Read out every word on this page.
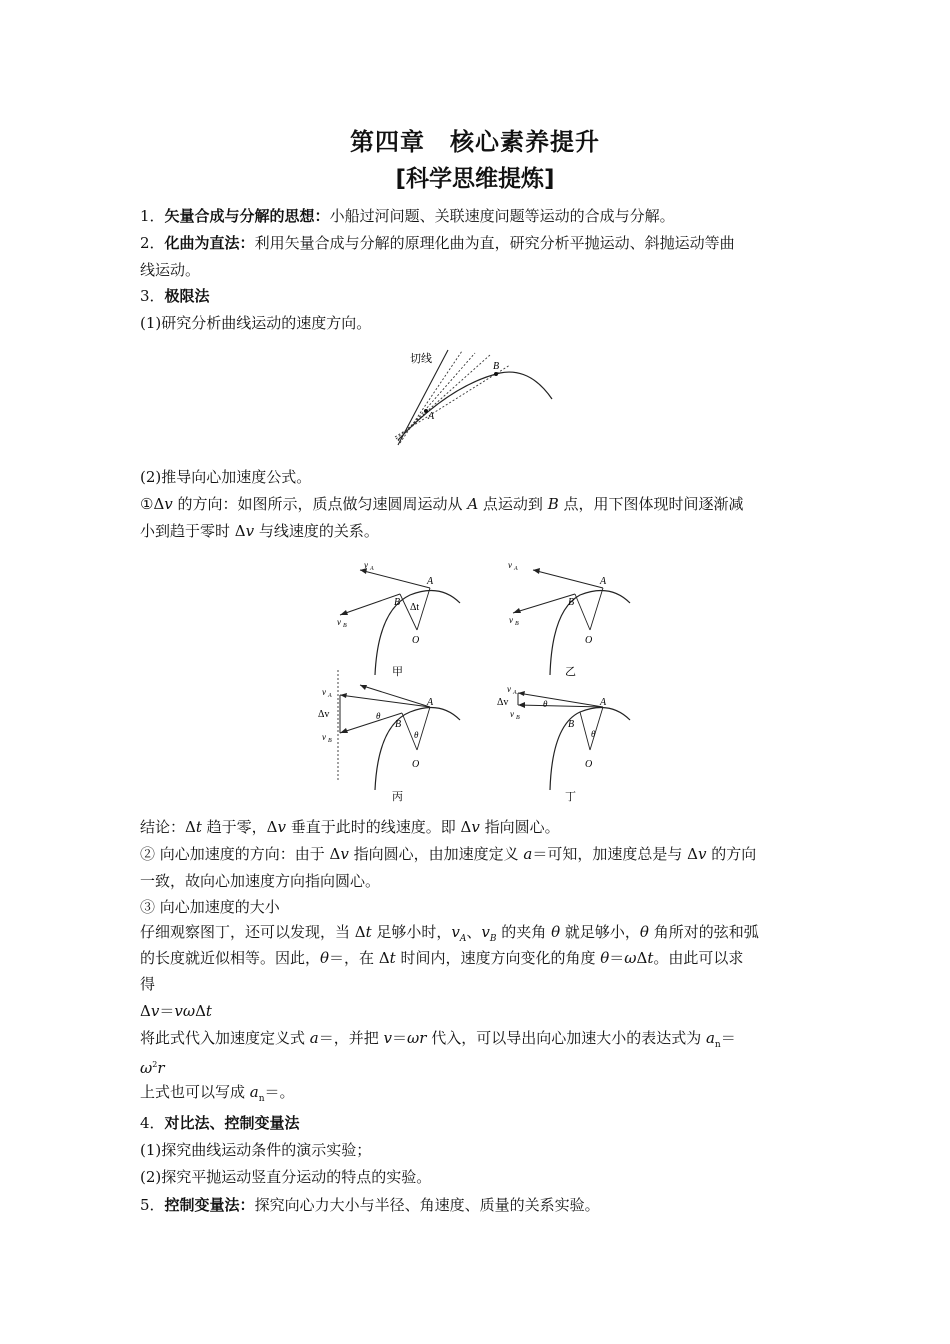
第四章　核心素养提升
[科学思维提炼]
1．矢量合成与分解的思想：小船过河问题、关联速度问题等运动的合成与分解。
2．化曲为直法：利用矢量合成与分解的原理化曲为直，研究分析平抛运动、斜抛运动等曲
线运动。
3．极限法
(1)研究分析曲线运动的速度方向。
切线
A
B
(2)推导向心加速度公式。
①Δv 的方向：如图所示，质点做匀速圆周运动从 A 点运动到 B 点，用下图体现时间逐渐减
小到趋于零时 Δv 与线速度的关系。
v A
v B
A
B Δt
O
甲
v A
v B
A
B
O
乙
v A
Δv
v B
θ
A
B
θ
O
丙
v A
Δv
v B
θ	A
B
θ
O
丁
结论：Δt 趋于零，Δv 垂直于此时的线速度。即 Δv 指向圆心。
② 向心加速度的方向：由于 Δv 指向圆心，由加速度定义 a＝可知，加速度总是与 Δv 的方向
一致，故向心加速度方向指向圆心。
③ 向心加速度的大小
仔细观察图丁，还可以发现，当 Δt 足够小时，$v_A$、$v_B$ 的夹角 θ 就足够小，θ 角所对的弦和弧
的长度就近似相等。因此，θ＝，在 Δt 时间内，速度方向变化的角度 θ＝ωΔt。由此可以求
得
Δv＝vωΔt
将此式代入加速度定义式 a＝，并把 v＝ωr 代入，可以导出向心加速大小的表达式为 $a_n=$
$\omega^2r$
上式也可以写成 $a_n=$。
4．对比法、控制变量法
(1)探究曲线运动条件的演示实验；
(2)探究平抛运动竖直分运动的特点的实验。
5．控制变量法：探究向心力大小与半径、角速度、质量的关系实验。
